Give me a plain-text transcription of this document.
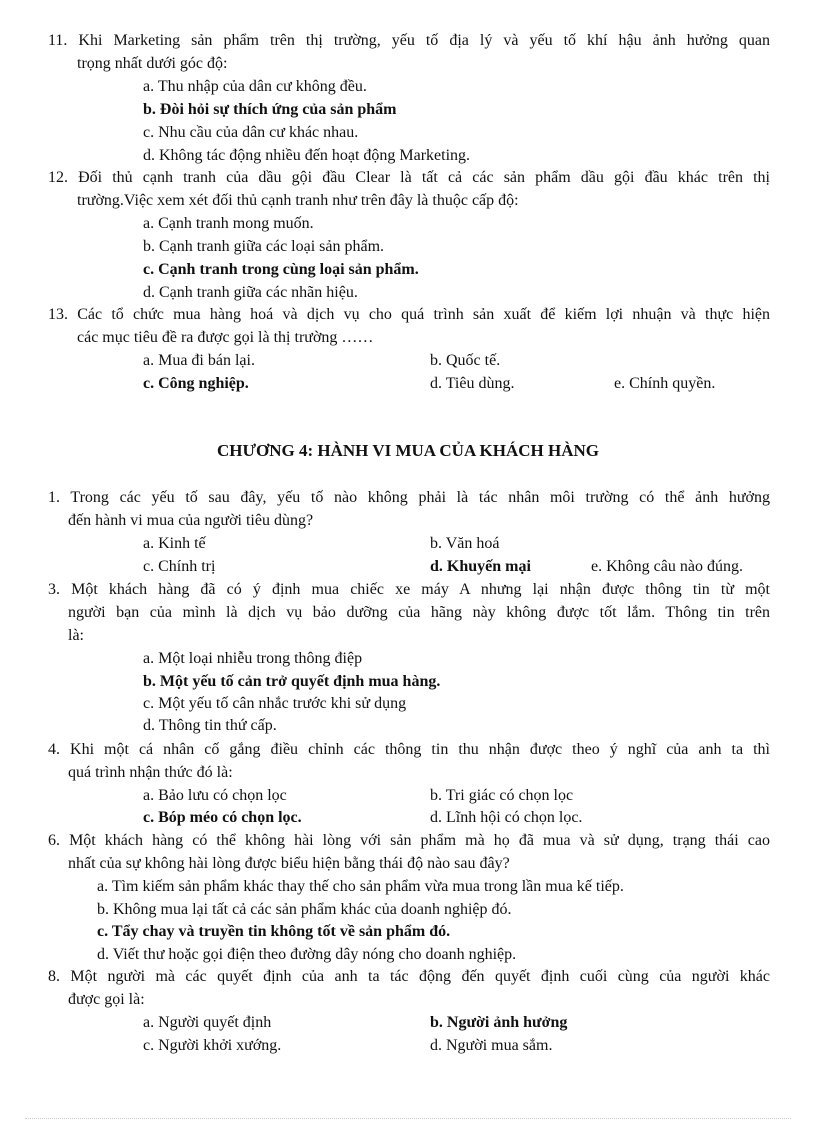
11. Khi Marketing sản phẩm trên thị trường, yếu tố địa lý và yếu tố khí hậu ảnh hưởng quan
trọng nhất dưới góc độ:
a. Thu nhập của dân cư không đều.
b. Đòi hỏi sự thích ứng của sản phẩm
c. Nhu cầu của dân cư khác nhau.
d. Không tác động nhiều đến hoạt động Marketing.
12. Đối thủ cạnh tranh của dầu gội đầu Clear là tất cả các sản phẩm dầu gội đầu khác trên thị
trường.Việc xem xét đối thủ cạnh tranh như trên đây là thuộc cấp độ:
a. Cạnh tranh mong muốn.
b. Cạnh tranh giữa các loại sản phẩm.
c. Cạnh tranh trong cùng loại sản phẩm.
d. Cạnh tranh giữa các nhãn hiệu.
13. Các tổ chức mua hàng hoá và dịch vụ cho quá trình sản xuất để kiếm lợi nhuận và thực hiện
các mục tiêu đề ra được gọi là thị trường ……
a. Mua đi bán lại.	b. Quốc tế.
c. Công nghiệp.	d. Tiêu dùng.	e. Chính quyền.
CHƯƠNG 4: HÀNH VI MUA CỦA KHÁCH HÀNG
1. Trong các yếu tố sau đây, yếu tố nào không phải là tác nhân môi trường có thể ảnh hưởng
đến hành vi mua của người tiêu dùng?
a. Kinh tế	b. Văn hoá
c. Chính trị	d. Khuyến mại	e. Không câu nào đúng.
3. Một khách hàng đã có ý định mua chiếc xe máy A nhưng lại nhận được thông tin từ một
người bạn của mình là dịch vụ bảo dưỡng của hãng này không được tốt lắm. Thông tin trên
là:
a. Một loại nhiễu trong thông điệp
b. Một yếu tố cản trở quyết định mua hàng.
c. Một yếu tố cân nhắc trước khi sử dụng
d. Thông tin thứ cấp.
4. Khi một cá nhân cố gắng điều chỉnh các thông tin thu nhận được theo ý nghĩ của anh ta thì
quá trình nhận thức đó là:
a. Bảo lưu có chọn lọc	b. Tri giác có chọn lọc
c. Bóp méo có chọn lọc.	d. Lĩnh hội có chọn lọc.
6. Một khách hàng có thể không hài lòng với sản phẩm mà họ đã mua và sử dụng, trạng thái cao
nhất của sự không hài lòng được biểu hiện bằng thái độ nào sau đây?
a. Tìm kiếm sản phẩm khác thay thế cho sản phẩm vừa mua trong lần mua kế tiếp.
b. Không mua lại tất cả các sản phẩm khác của doanh nghiệp đó.
c. Tẩy chay và truyền tin không tốt về sản phẩm đó.
d. Viết thư hoặc gọi điện theo đường dây nóng cho doanh nghiệp.
8. Một người mà các quyết định của anh ta tác động đến quyết định cuối cùng của người khác
được gọi là:
a. Người quyết định	b. Người ảnh hưởng
c. Người khởi xướng.	d. Người mua sắm.
